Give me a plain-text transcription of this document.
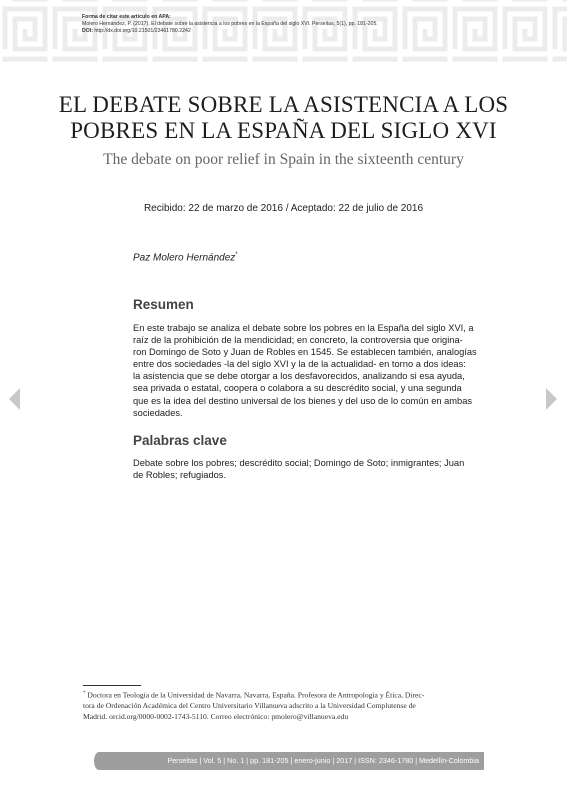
Forma de citar este artículo en APA:
Molero Hernández, P. (2017). El debate sobre la asistencia a los pobres en la España del siglo XVI. Perseitas, 5(1), pp. 181-205.
DOI: http://dx.doi.org/10.21501/23461780.2242
EL DEBATE SOBRE LA ASISTENCIA A LOS
POBRES EN LA ESPAÑA DEL SIGLO XVI
The debate on poor relief in Spain in the sixteenth century
Recibido: 22 de marzo de 2016 / Aceptado: 22 de julio de 2016
Paz Molero Hernández*
Resumen
En este trabajo se analiza el debate sobre los pobres en la España del siglo XVI, a
raíz de la prohibición de la mendicidad; en concreto, la controversia que origina-
ron Domingo de Soto y Juan de Robles en 1545. Se establecen también, analogías
entre dos sociedades -la del siglo XVI y la de la actualidad- en torno a dos ideas:
la asistencia que se debe otorgar a los desfavorecidos, analizando si esa ayuda,
sea privada o estatal, coopera o colabora a su descrédito social, y una segunda
que es la idea del destino universal de los bienes y del uso de lo común en ambas
sociedades.
Palabras clave
Debate sobre los pobres; descrédito social; Domingo de Soto; inmigrantes; Juan
de Robles; refugiados.
* Doctora en Teología de la Universidad de Navarra, Navarra, España. Profesora de Antropología y Ética, Direc-
tora de Ordenación Académica del Centro Universitario Villanueva adscrito a la Universidad Complutense de
Madrid. orcid.org/0000-0002-1743-5110. Correo electrónico: pmolero@villanueva.edu
Perseitas | Vol. 5 | No. 1 | pp. 181-205 | enero-junio | 2017 | ISSN: 2346-1780 | Medellín-Colombia
